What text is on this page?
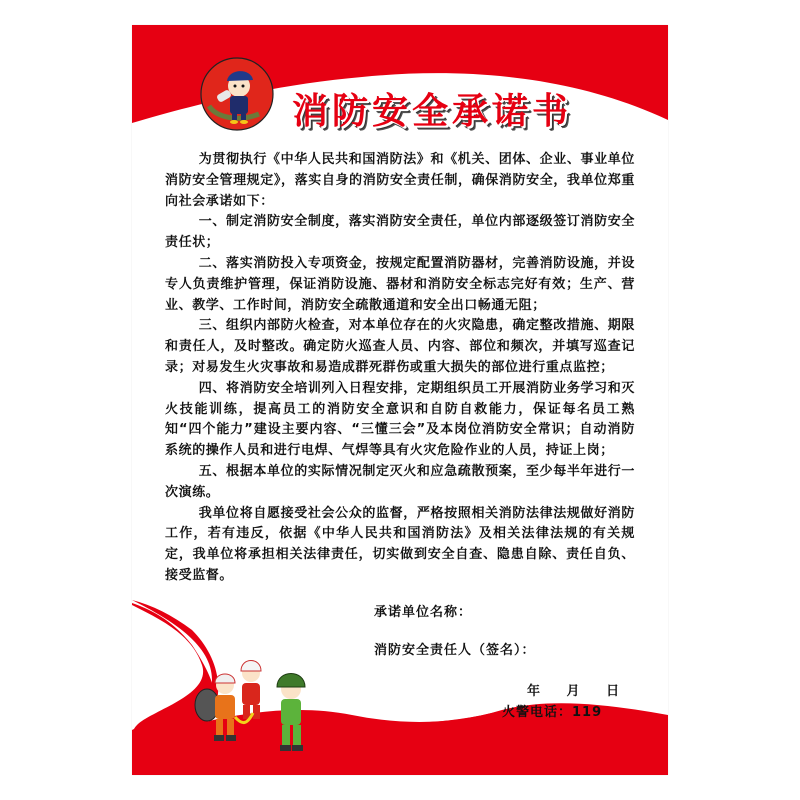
消防安全承诺书

为贯彻执行《中华人民共和国消防法》和《机关、团体、企业、事业单位消防安全管理规定》，落实自身的消防安全责任制，确保消防安全，我单位郑重向社会承诺如下：

一、制定消防安全制度，落实消防安全责任，单位内部逐级签订消防安全责任状；

二、落实消防投入专项资金，按规定配置消防器材，完善消防设施，并设专人负责维护管理，保证消防设施、器材和消防安全标志完好有效；生产、营业、教学、工作时间，消防安全疏散通道和安全出口畅通无阻；

三、组织内部防火检查，对本单位存在的火灾隐患，确定整改措施、期限和责任人，及时整改。确定防火巡查人员、内容、部位和频次，并填写巡查记录；对易发生火灾事故和易造成群死群伤或重大损失的部位进行重点监控；

四、将消防安全培训列入日程安排，定期组织员工开展消防业务学习和灭火技能训练，提高员工的消防安全意识和自防自救能力，保证每名员工熟知“四个能力”建设主要内容、“三懂三会”及本岗位消防安全常识；自动消防系统的操作人员和进行电焊、气焊等具有火灾危险作业的人员，持证上岗；

五、根据本单位的实际情况制定灭火和应急疏散预案，至少每半年进行一次演练。

我单位将自愿接受社会公众的监督，严格按照相关消防法律法规做好消防工作，若有违反，依据《中华人民共和国消防法》及相关法律法规的有关规定，我单位将承担相关法律责任，切实做到安全自查、隐患自除、责任自负、接受监督。

承诺单位名称：
消防安全责任人（签名）：
年 月 日
火警电话：119
